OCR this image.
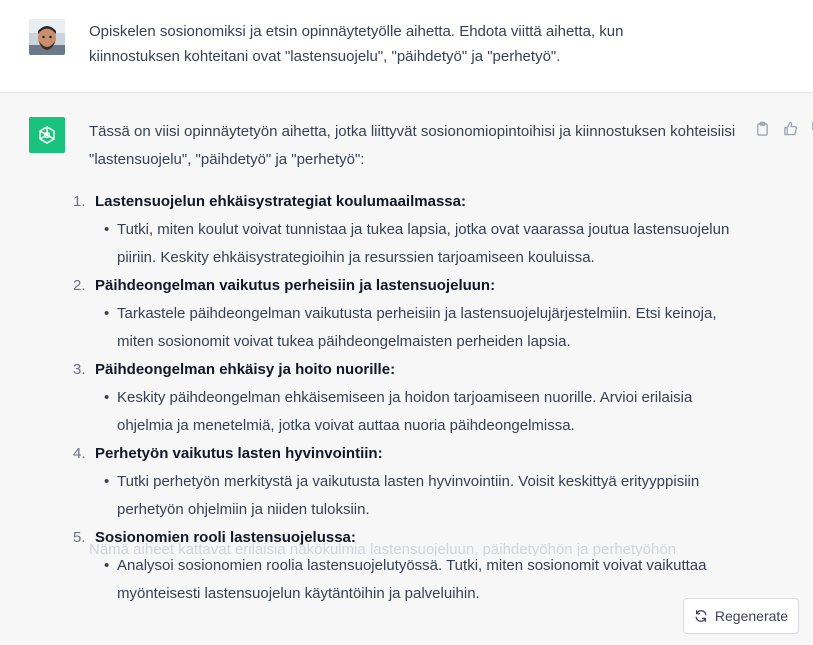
Opiskelen sosionomiksi ja etsin opinnäytetyölle aihetta. Ehdota viittä aihetta, kun kiinnostuksen kohteitani ovat "lastensuojelu", "päihdetyö" ja "perhetyö".

Tässä on viisi opinnäytetyön aihetta, jotka liittyvät sosionomiopintoihisi ja kiinnostuksen kohteisiisi "lastensuojelu", "päihdetyö" ja "perhetyö":

1. Lastensuojelun ehkäisystrategiat koulumaailmassa:
• Tutki, miten koulut voivat tunnistaa ja tukea lapsia, jotka ovat vaarassa joutua lastensuojelun piiriin. Keskity ehkäisystrategioihin ja resurssien tarjoamiseen kouluissa.
2. Päihdeongelman vaikutus perheisiin ja lastensuojeluun:
• Tarkastele päihdeongelman vaikutusta perheisiin ja lastensuojelujärjestelmiin. Etsi keinoja, miten sosionomit voivat tukea päihdeongelmaisten perheiden lapsia.
3. Päihdeongelman ehkäisy ja hoito nuorille:
• Keskity päihdeongelman ehkäisemiseen ja hoidon tarjoamiseen nuorille. Arvioi erilaisia ohjelmia ja menetelmiä, jotka voivat auttaa nuoria päihdeongelmissa.
4. Perhetyön vaikutus lasten hyvinvointiin:
• Tutki perhetyön merkitystä ja vaikutusta lasten hyvinvointiin. Voisit keskittyä erityyppisiin perhetyön ohjelmiin ja niiden tuloksiin.
5. Sosionomien rooli lastensuojelussa:
• Analysoi sosionomien roolia lastensuojelutyössä. Tutki, miten sosionomit voivat vaikuttaa myönteisesti lastensuojelun käytäntöihin ja palveluihin.
Nämä aiheet kattavat erilaisia näkökulmia lastensuojeluun, päihdetyöhön ja perhetyöhön
Regenerate
